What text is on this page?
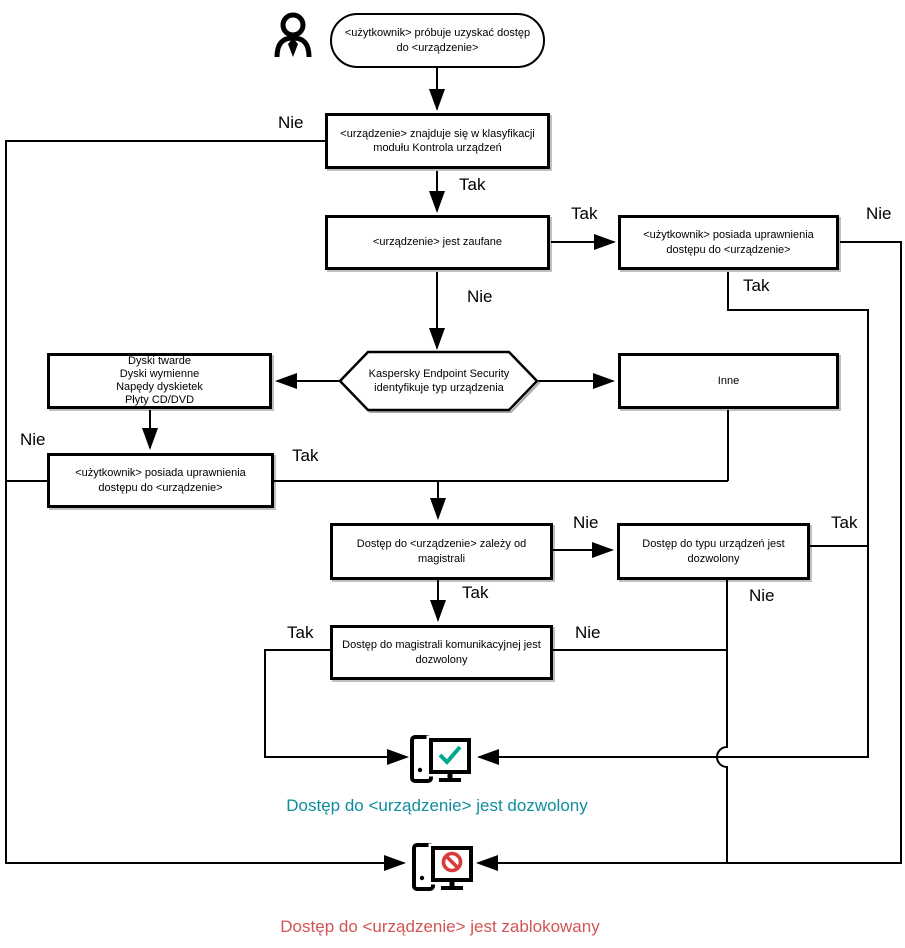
<użytkownik> próbuje uzyskać dostęp do <urządzenie>
<urządzenie> znajduje się w klasyfikacji modułu Kontrola urządzeń
<urządzenie> jest zaufane
<użytkownik> posiada uprawnienia dostępu do <urządzenie>
Kaspersky Endpoint Security identyfikuje typ urządzenia
Dyski twarde
Dyski wymienne
Napędy dyskietek
Płyty CD/DVD
Inne
<użytkownik> posiada uprawnienia dostępu do <urządzenie>
Dostęp do <urządzenie> zależy od magistrali
Dostęp do typu urządzeń jest dozwolony
Dostęp do magistrali komunikacyjnej jest dozwolony
Nie
Tak
Tak
Nie
Nie
Tak
Nie
Tak
Nie
Tak
Tak
Nie
Tak	Nie
Dostęp do <urządzenie> jest dozwolony
Dostęp do <urządzenie> jest zablokowany
